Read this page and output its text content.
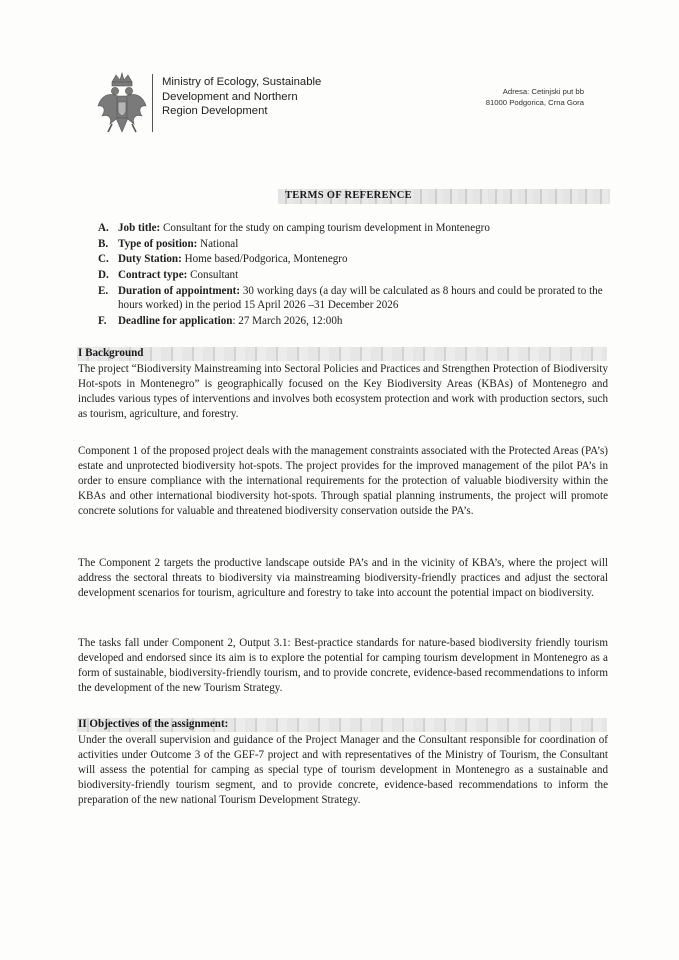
Ministry of Ecology, Sustainable
Development and Northern
Region Development
Adresa: Cetinjski put bb
81000 Podgorica, Crna Gora
TERMS OF REFERENCE
A. Job title: Consultant for the study on camping tourism development in Montenegro
B. Type of position: National
C. Duty Station: Home based/Podgorica, Montenegro
D. Contract type: Consultant
E. Duration of appointment: 30 working days (a day will be calculated as 8 hours and could be prorated to the hours worked) in the period 15 April 2026 –31 December 2026
F.	Deadline for application: 27 March 2026, 12:00h
I Background

The project “Biodiversity Mainstreaming into Sectoral Policies and Practices and Strengthen Protection of Biodiversity Hot-spots in Montenegro” is geographically focused on the Key Biodiversity Areas (KBAs) of Montenegro and includes various types of interventions and involves both ecosystem protection and work with production sectors, such as tourism, agriculture, and forestry.

Component 1 of the proposed project deals with the management constraints associated with the Protected Areas (PA’s) estate and unprotected biodiversity hot-spots. The project provides for the improved management of the pilot PA’s in order to ensure compliance with the international requirements for the protection of valuable biodiversity within the KBAs and other international biodiversity hot-spots. Through spatial planning instruments, the project will promote concrete solutions for valuable and threatened biodiversity conservation outside the PA’s.

The Component 2 targets the productive landscape outside PA’s and in the vicinity of KBA’s, where the project will address the sectoral threats to biodiversity via mainstreaming biodiversity-friendly practices and adjust the sectoral development scenarios for tourism, agriculture and forestry to take into account the potential impact on biodiversity.

The tasks fall under Component 2, Output 3.1: Best-practice standards for nature-based biodiversity friendly tourism developed and endorsed since its aim is to explore the potential for camping tourism development in Montenegro as a form of sustainable, biodiversity-friendly tourism, and to provide concrete, evidence-based recommendations to inform the development of the new Tourism Strategy.

II Objectives of the assignment:

Under the overall supervision and guidance of the Project Manager and the Consultant responsible for coordination of activities under Outcome 3 of the GEF-7 project and with representatives of the Ministry of Tourism, the Consultant will assess the potential for camping as special type of tourism development in Montenegro as a sustainable and biodiversity-friendly tourism segment, and to provide concrete, evidence-based recommendations to inform the preparation of the new national Tourism Development Strategy.
